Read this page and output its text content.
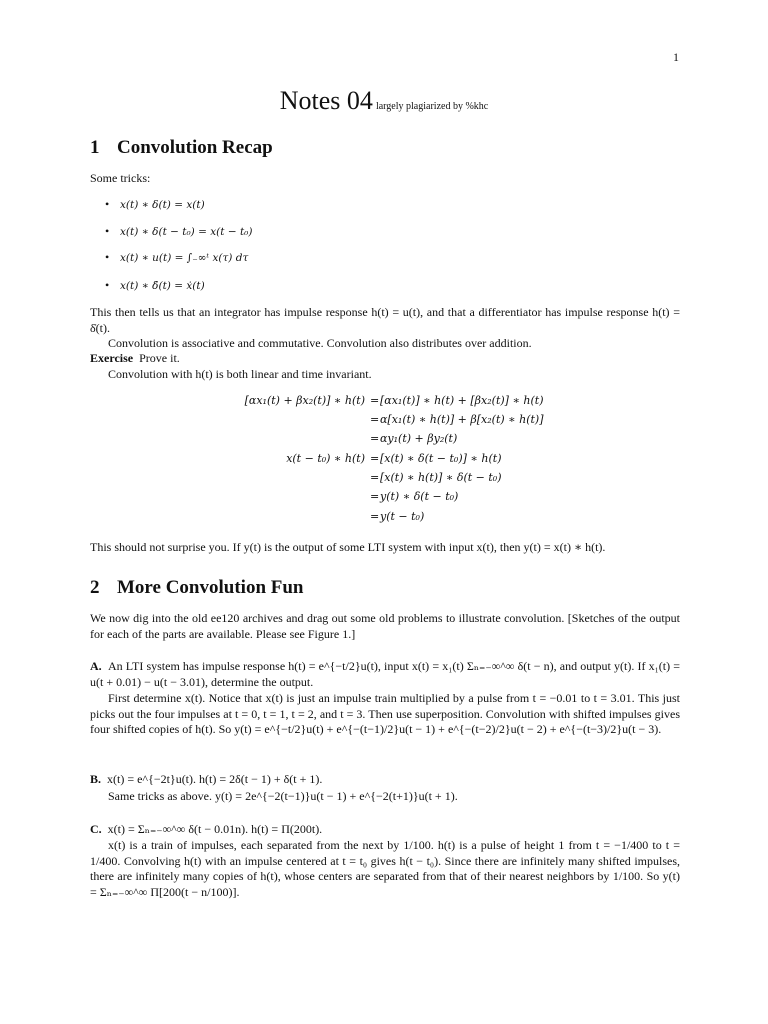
1
Notes 04 largely plagiarized by %khc
1 Convolution Recap
Some tricks:
• x(t) ∗ δ(t) = x(t)
• x(t) ∗ δ(t − t₀) = x(t − t₀)
• x(t) ∗ u(t) = ∫₋∞ᵗ x(τ) dτ
• x(t) ∗ δ̇(t) = ẋ(t)
This then tells us that an integrator has impulse response h(t) = u(t), and that a differentiator has impulse response h(t) = δ̇(t).
Convolution is associative and commutative. Convolution also distributes over addition.
Exercise Prove it.
Convolution with h(t) is both linear and time invariant.
[αx₁(t) + βx₂(t)] ∗ h(t) = [αx₁(t)] ∗ h(t) + [βx₂(t)] ∗ h(t)
= α[x₁(t) ∗ h(t)] + β[x₂(t) ∗ h(t)]
= αy₁(t) + βy₂(t)
x(t − t₀) ∗ h(t) = [x(t) ∗ δ(t − t₀)] ∗ h(t)
= [x(t) ∗ h(t)] ∗ δ(t − t₀)
= y(t) ∗ δ(t − t₀)
= y(t − t₀)
This should not surprise you. If y(t) is the output of some LTI system with input x(t), then y(t) = x(t) ∗ h(t).
2 More Convolution Fun
We now dig into the old ee120 archives and drag out some old problems to illustrate convolution. [Sketches of the output for each of the parts are available. Please see Figure 1.]
A. An LTI system has impulse response h(t) = e^{−t/2}u(t), input x(t) = x₁(t) Σₙ₌₋∞^∞ δ(t − n), and output y(t). If x₁(t) = u(t + 0.01) − u(t − 3.01), determine the output.
First determine x(t). Notice that x(t) is just an impulse train multiplied by a pulse from t = −0.01 to t = 3.01. This just picks out the four impulses at t = 0, t = 1, t = 2, and t = 3. Then use superposition. Convolution with shifted impulses gives four shifted copies of h(t). So y(t) = e^{−t/2}u(t) + e^{−(t−1)/2}u(t − 1) + e^{−(t−2)/2}u(t − 2) + e^{−(t−3)/2}u(t − 3).
B. x(t) = e^{−2t}u(t). h(t) = 2δ(t − 1) + δ(t + 1).
Same tricks as above. y(t) = 2e^{−2(t−1)}u(t − 1) + e^{−2(t+1)}u(t + 1).
C. x(t) = Σₙ₌₋∞^∞ δ(t − 0.01n). h(t) = Π(200t).
x(t) is a train of impulses, each separated from the next by 1/100. h(t) is a pulse of height 1 from t = −1/400 to t = 1/400. Convolving h(t) with an impulse centered at t = t₀ gives h(t − t₀). Since there are infinitely many shifted impulses, there are infinitely many copies of h(t), whose centers are separated from that of their nearest neighbors by 1/100. So y(t) = Σₙ₌₋∞^∞ Π[200(t − n/100)].
